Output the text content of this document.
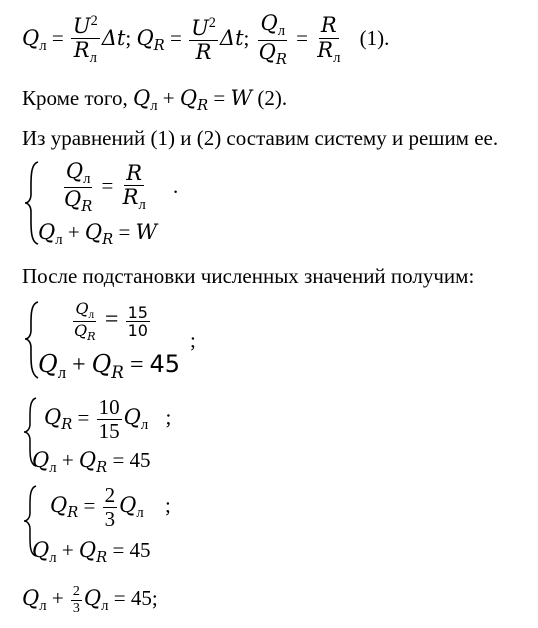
$Q_л = \frac{U^2}{R_л} \Delta t$; $Q_R = \frac{U^2}{R} \Delta t$; $\frac{Q_л}{Q_R} = \frac{R}{R_л} (1)$.
Кроме того, $Q_л + Q_R = W$ (2).
Из уравнений (1) и (2) составим систему и решим ее.
$\frac{Q_л}{Q_R} = \frac{R}{R_л}$ .
$Q_л + Q_R = W$
После подстановки численных значений получим:
$\frac{Q_л}{Q_R} = \frac{15}{10}$
$Q_л + Q_R = 45$
;
$Q_R = \frac{10}{15} Q_л$ ;
$Q_л + Q_R = 45$
$Q_R = \frac{2}{3} Q_л$ ;
$Q_л + Q_R = 45$
$Q_л + \frac{2}{3} Q_л = 45$;
